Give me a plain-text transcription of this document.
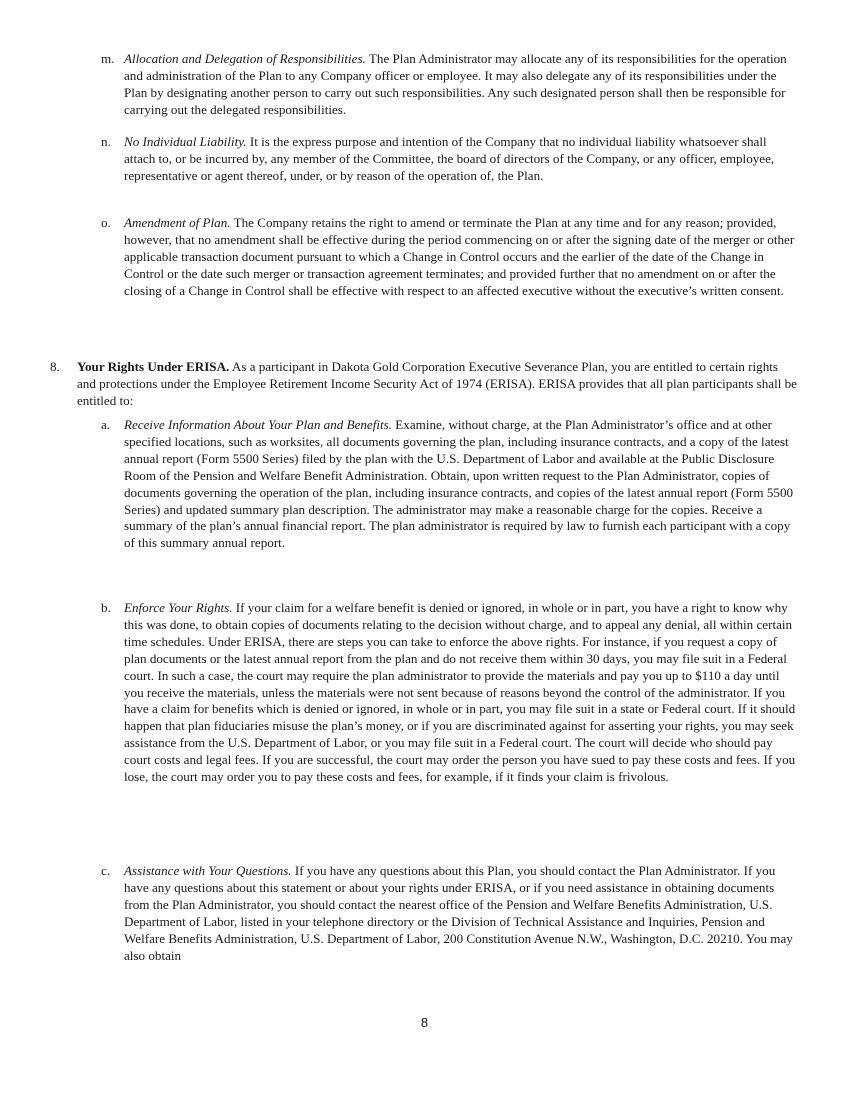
m. Allocation and Delegation of Responsibilities. The Plan Administrator may allocate any of its responsibilities for the operation and administration of the Plan to any Company officer or employee. It may also delegate any of its responsibilities under the Plan by designating another person to carry out such responsibilities. Any such designated person shall then be responsible for carrying out the delegated responsibilities.

n. No Individual Liability. It is the express purpose and intention of the Company that no individual liability whatsoever shall attach to, or be incurred by, any member of the Committee, the board of directors of the Company, or any officer, employee, representative or agent thereof, under, or by reason of the operation of, the Plan.

o. Amendment of Plan. The Company retains the right to amend or terminate the Plan at any time and for any reason; provided, however, that no amendment shall be effective during the period commencing on or after the signing date of the merger or other applicable transaction document pursuant to which a Change in Control occurs and the earlier of the date of the Change in Control or the date such merger or transaction agreement terminates; and provided further that no amendment on or after the closing of a Change in Control shall be effective with respect to an affected executive without the executive’s written consent.

8. Your Rights Under ERISA. As a participant in Dakota Gold Corporation Executive Severance Plan, you are entitled to certain rights and protections under the Employee Retirement Income Security Act of 1974 (ERISA). ERISA provides that all plan participants shall be entitled to:

a. Receive Information About Your Plan and Benefits. Examine, without charge, at the Plan Administrator’s office and at other specified locations, such as worksites, all documents governing the plan, including insurance contracts, and a copy of the latest annual report (Form 5500 Series) filed by the plan with the U.S. Department of Labor and available at the Public Disclosure Room of the Pension and Welfare Benefit Administration. Obtain, upon written request to the Plan Administrator, copies of documents governing the operation of the plan, including insurance contracts, and copies of the latest annual report (Form 5500 Series) and updated summary plan description. The administrator may make a reasonable charge for the copies. Receive a summary of the plan’s annual financial report. The plan administrator is required by law to furnish each participant with a copy of this summary annual report.

b. Enforce Your Rights. If your claim for a welfare benefit is denied or ignored, in whole or in part, you have a right to know why this was done, to obtain copies of documents relating to the decision without charge, and to appeal any denial, all within certain time schedules. Under ERISA, there are steps you can take to enforce the above rights. For instance, if you request a copy of plan documents or the latest annual report from the plan and do not receive them within 30 days, you may file suit in a Federal court. In such a case, the court may require the plan administrator to provide the materials and pay you up to $110 a day until you receive the materials, unless the materials were not sent because of reasons beyond the control of the administrator. If you have a claim for benefits which is denied or ignored, in whole or in part, you may file suit in a state or Federal court. If it should happen that plan fiduciaries misuse the plan’s money, or if you are discriminated against for asserting your rights, you may seek assistance from the U.S. Department of Labor, or you may file suit in a Federal court. The court will decide who should pay court costs and legal fees. If you are successful, the court may order the person you have sued to pay these costs and fees. If you lose, the court may order you to pay these costs and fees, for example, if it finds your claim is frivolous.

c. Assistance with Your Questions. If you have any questions about this Plan, you should contact the Plan Administrator. If you have any questions about this statement or about your rights under ERISA, or if you need assistance in obtaining documents from the Plan Administrator, you should contact the nearest office of the Pension and Welfare Benefits Administration, U.S. Department of Labor, listed in your telephone directory or the Division of Technical Assistance and Inquiries, Pension and Welfare Benefits Administration, U.S. Department of Labor, 200 Constitution Avenue N.W., Washington, D.C. 20210. You may also obtain

8
